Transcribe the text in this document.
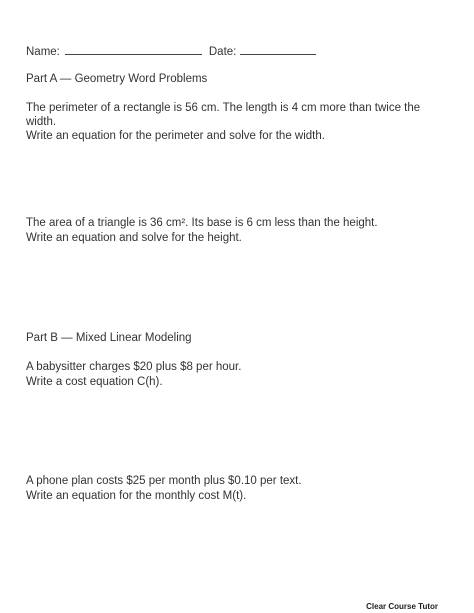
Name:	Date:

Part A — Geometry Word Problems

The perimeter of a rectangle is 56 cm. The length is 4 cm more than twice the width.

Write an equation for the perimeter and solve for the width.

The area of a triangle is 36 cm². Its base is 6 cm less than the height.

Write an equation and solve for the height.

Part B — Mixed Linear Modeling

A babysitter charges $20 plus $8 per hour.

Write a cost equation C(h).

A phone plan costs $25 per month plus $0.10 per text.

Write an equation for the monthly cost M(t).

Clear Course Tutor
